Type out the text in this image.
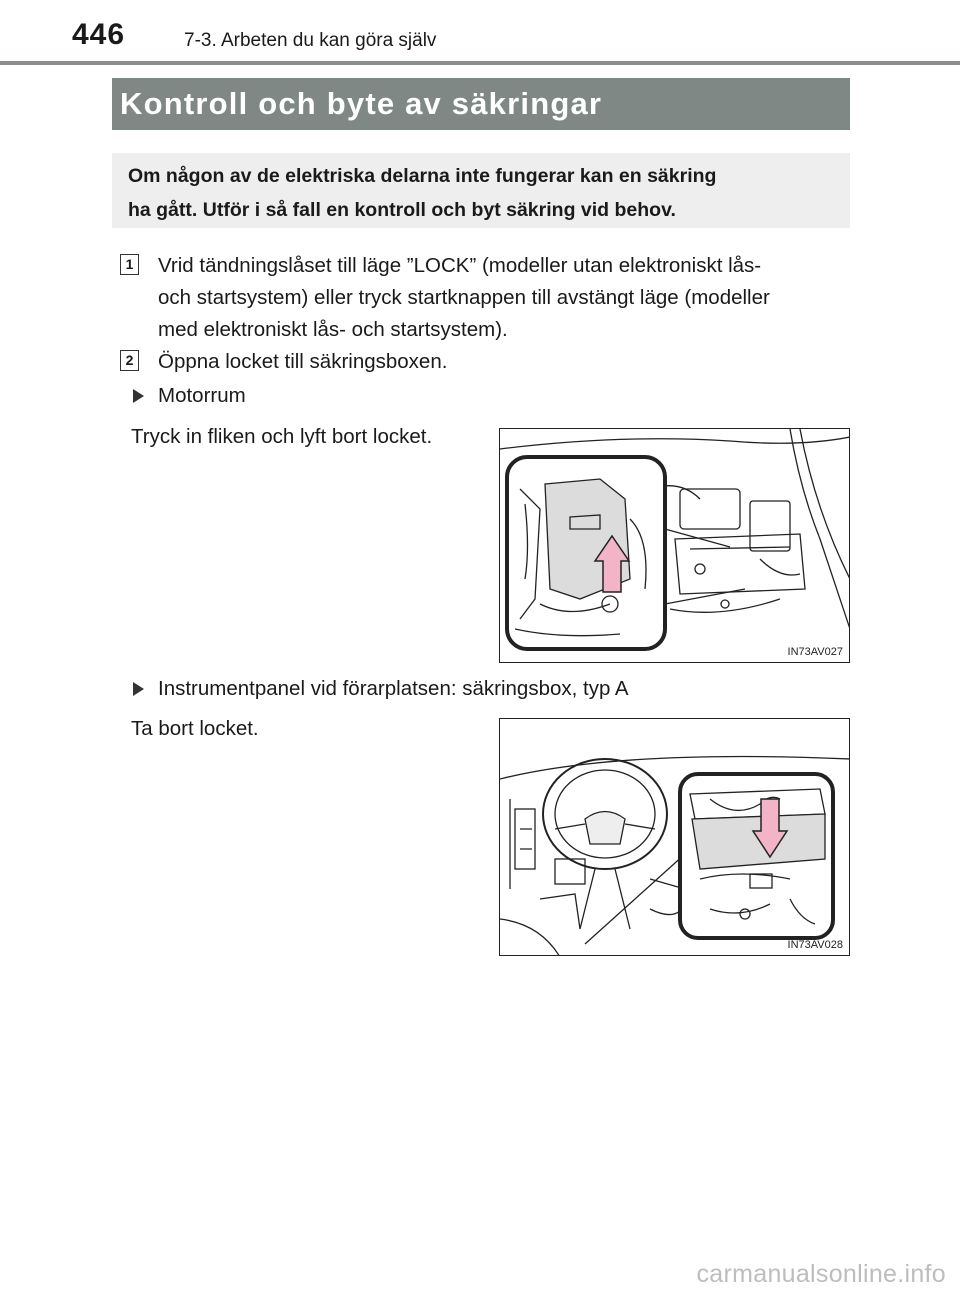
446	7-3. Arbeten du kan göra själv
Kontroll och byte av säkringar
Om någon av de elektriska delarna inte fungerar kan en säkring
ha gått. Utför i så fall en kontroll och byt säkring vid behov.
1 Vrid tändningslåset till läge ”LOCK” (modeller utan elektroniskt lås-
och startsystem) eller tryck startknappen till avstängt läge (modeller
med elektroniskt lås- och startsystem).
2 Öppna locket till säkringsboxen.
Motorrum
Tryck in fliken och lyft bort locket.
IN73AV027
Instrumentpanel vid förarplatsen: säkringsbox, typ A
Ta bort locket.
IN73AV028
carmanualsonline.info
